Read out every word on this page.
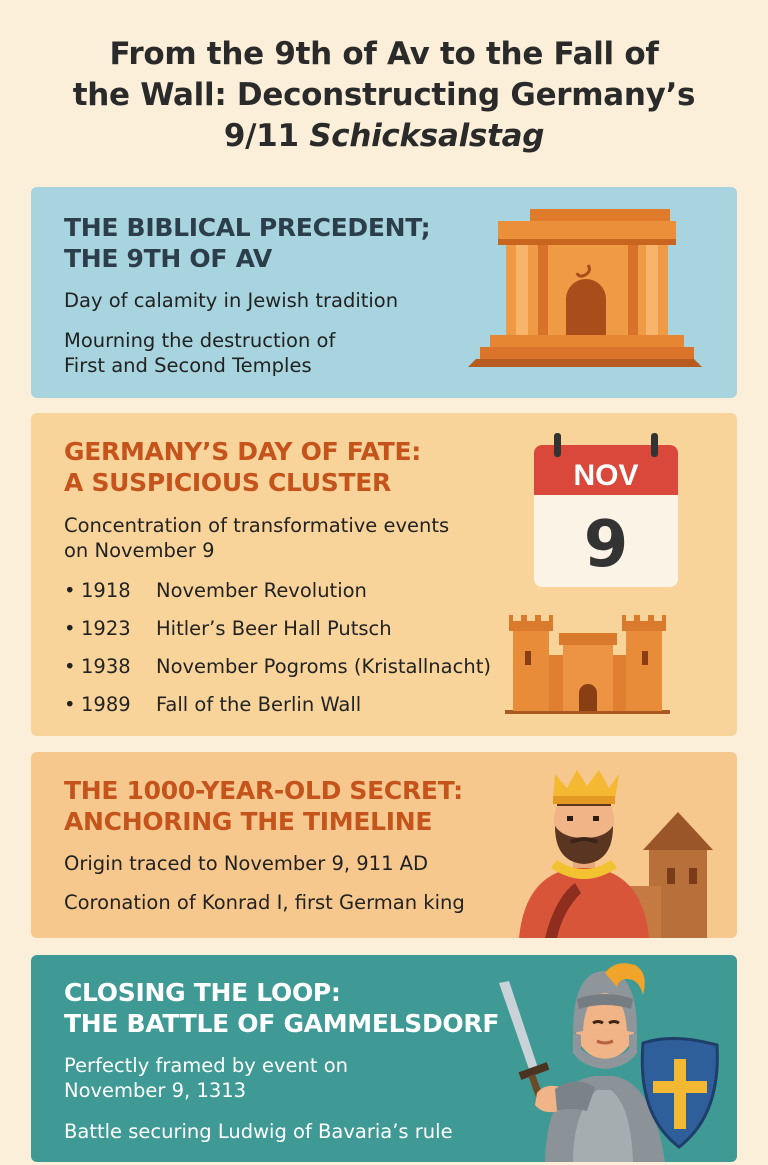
From the 9th of Av to the Fall of
the Wall: Deconstructing Germany’s
9/11 Schicksalstag
THE BIBLICAL PRECEDENT;
THE 9TH OF AV
Day of calamity in Jewish tradition
Mourning the destruction of
First and Second Temples
GERMANY’S DAY OF FATE:
A SUSPICIOUS CLUSTER
Concentration of transformative events
on November 9
• 1918 November Revolution
• 1923 Hitler’s Beer Hall Putsch
• 1938 November Pogroms (Kristallnacht)
• 1989 Fall of the Berlin Wall
NOV
9
THE 1000-YEAR-OLD SECRET:
ANCHORING THE TIMELINE
Origin traced to November 9, 911 AD
Coronation of Konrad I, first German king
CLOSING THE LOOP:
THE BATTLE OF GAMMELSDORF
Perfectly framed by event on
November 9, 1313
Battle securing Ludwig of Bavaria’s rule
